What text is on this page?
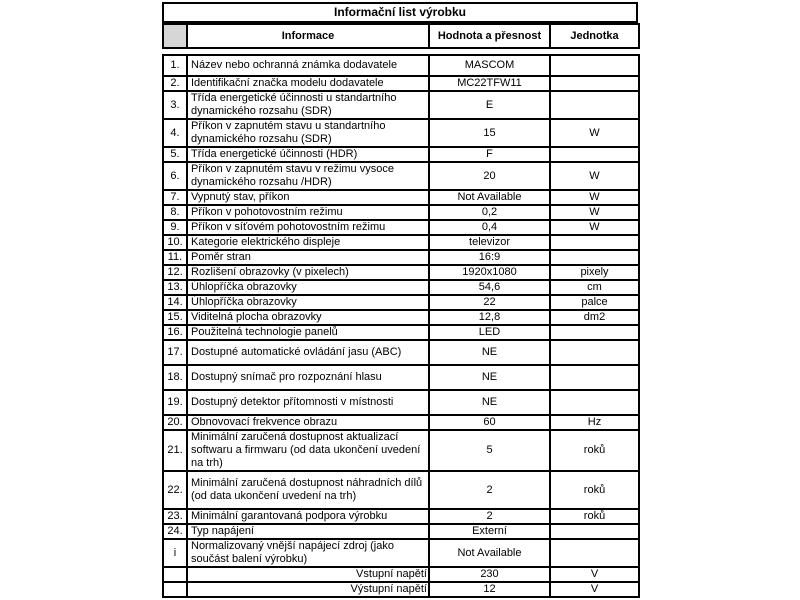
Informační list výrobku
	Informace	Hodnota a přesnost	Jednotka
1.	Název nebo ochranná známka dodavatele	MASCOM	
2.	Identifikační značka modelu dodavatele	MC22TFW11	
3.	Třída energetické účinnosti u standartního dynamického rozsahu (SDR)	E	
4.	Příkon v zapnutém stavu u standartního dynamického rozsahu (SDR)	15	W
5.	Třída energetické účinnosti (HDR)	F	
6.	Příkon v zapnutém stavu v režimu vysoce dynamického rozsahu /HDR)	20	W
7.	Vypnutý stav, příkon	Not Available	W
8.	Příkon v pohotovostním režimu	0,2	W
9.	Příkon v síťovém pohotovostním režimu	0,4	W
10.	Kategorie elektrického displeje	televizor	
11.	Poměr stran	16:9	
12.	Rozlišení obrazovky (v pixelech)	1920x1080	pixely
13.	Úhlopříčka obrazovky	54,6	cm
14.	Úhlopříčka obrazovky	22	palce
15.	Viditelná plocha obrazovky	12,8	dm2
16.	Použitelná technologie panelů	LED	
17.	Dostupné automatické ovládání jasu (ABC)	NE	
18.	Dostupný snímač pro rozpoznání hlasu	NE	
19.	Dostupný detektor přítomnosti v místnosti	NE	
20.	Obnovovací frekvence obrazu	60	Hz
21.	Minimální zaručená dostupnost aktualizací softwaru a firmwaru (od data ukončení uvedení na trh)	5	roků
22.	Minimální zaručená dostupnost náhradních dílů (od data ukončení uvedení na trh)	2	roků
23.	Minimální garantovaná podpora výrobku	2	roků
24.	Typ napájení	Externí	
i	Normalizovaný vnější napájecí zdroj (jako součást balení výrobku)	Not Available	
	Vstupní napětí	230	V
	Výstupní napětí	12	V
